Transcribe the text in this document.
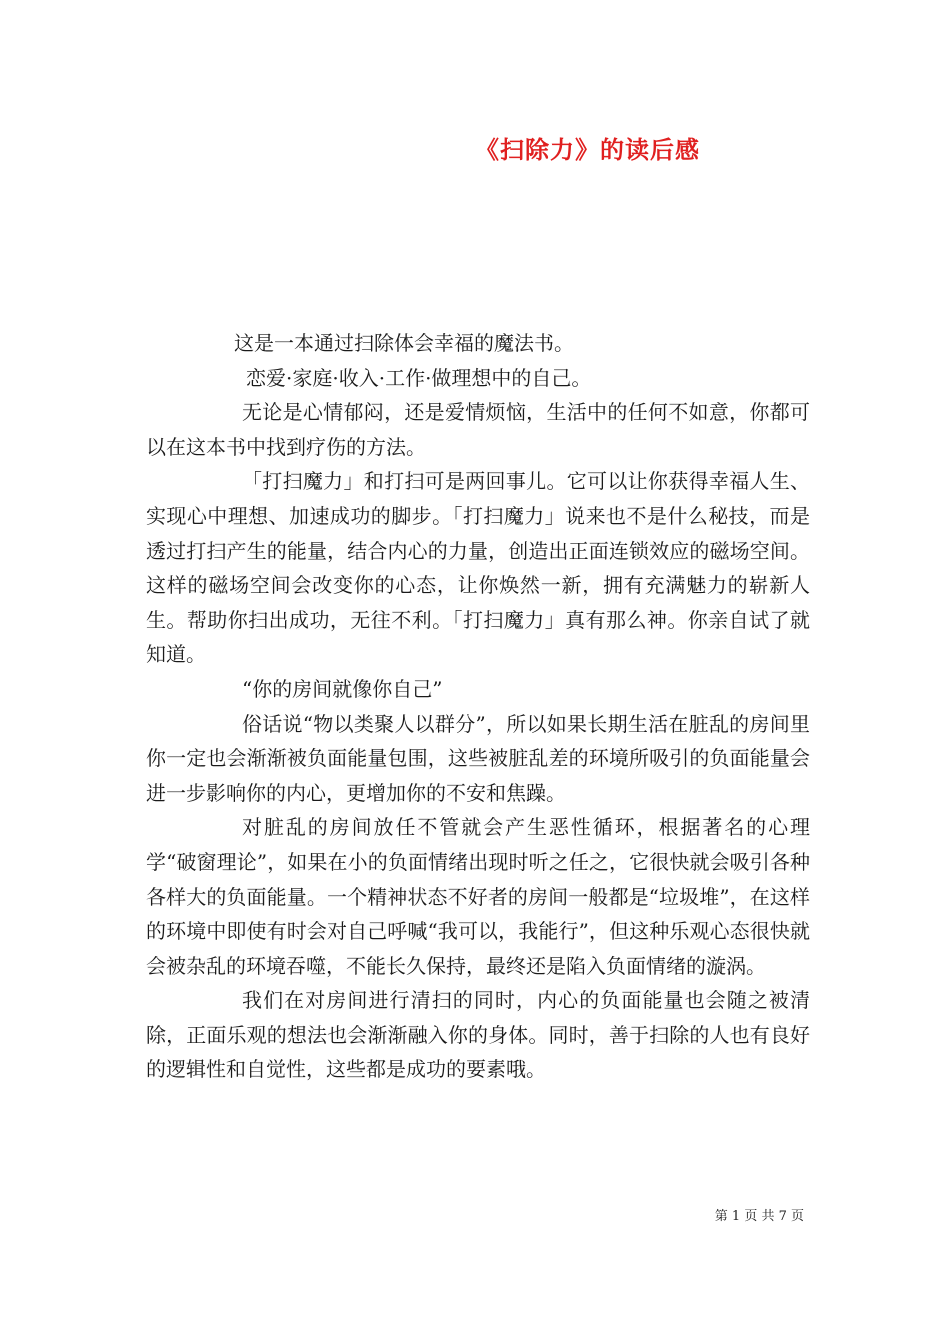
《扫除力》的读后感

这是一本通过扫除体会幸福的魔法书。

恋爱·家庭·收入·工作·做理想中的自己。

无论是心情郁闷，还是爱情烦恼，生活中的任何不如意，你都可以在这本书中找到疗伤的方法。

「打扫魔力」和打扫可是两回事儿。它可以让你获得幸福人生、实现心中理想、加速成功的脚步。「打扫魔力」说来也不是什么秘技，而是透过打扫产生的能量，结合内心的力量，创造出正面连锁效应的磁场空间。这样的磁场空间会改变你的心态，让你焕然一新，拥有充满魅力的崭新人生。帮助你扫出成功，无往不利。「打扫魔力」真有那么神。你亲自试了就知道。

“你的房间就像你自己”

俗话说“物以类聚人以群分”，所以如果长期生活在脏乱的房间里你一定也会渐渐被负面能量包围，这些被脏乱差的环境所吸引的负面能量会进一步影响你的内心，更增加你的不安和焦躁。

对脏乱的房间放任不管就会产生恶性循环，根据著名的心理学“破窗理论”，如果在小的负面情绪出现时听之任之，它很快就会吸引各种各样大的负面能量。一个精神状态不好者的房间一般都是“垃圾堆”，在这样的环境中即使有时会对自己呼喊“我可以，我能行”，但这种乐观心态很快就会被杂乱的环境吞噬，不能长久保持，最终还是陷入负面情绪的漩涡。

我们在对房间进行清扫的同时，内心的负面能量也会随之被清除，正面乐观的想法也会渐渐融入你的身体。同时，善于扫除的人也有良好的逻辑性和自觉性，这些都是成功的要素哦。

第 1 页 共 7 页
